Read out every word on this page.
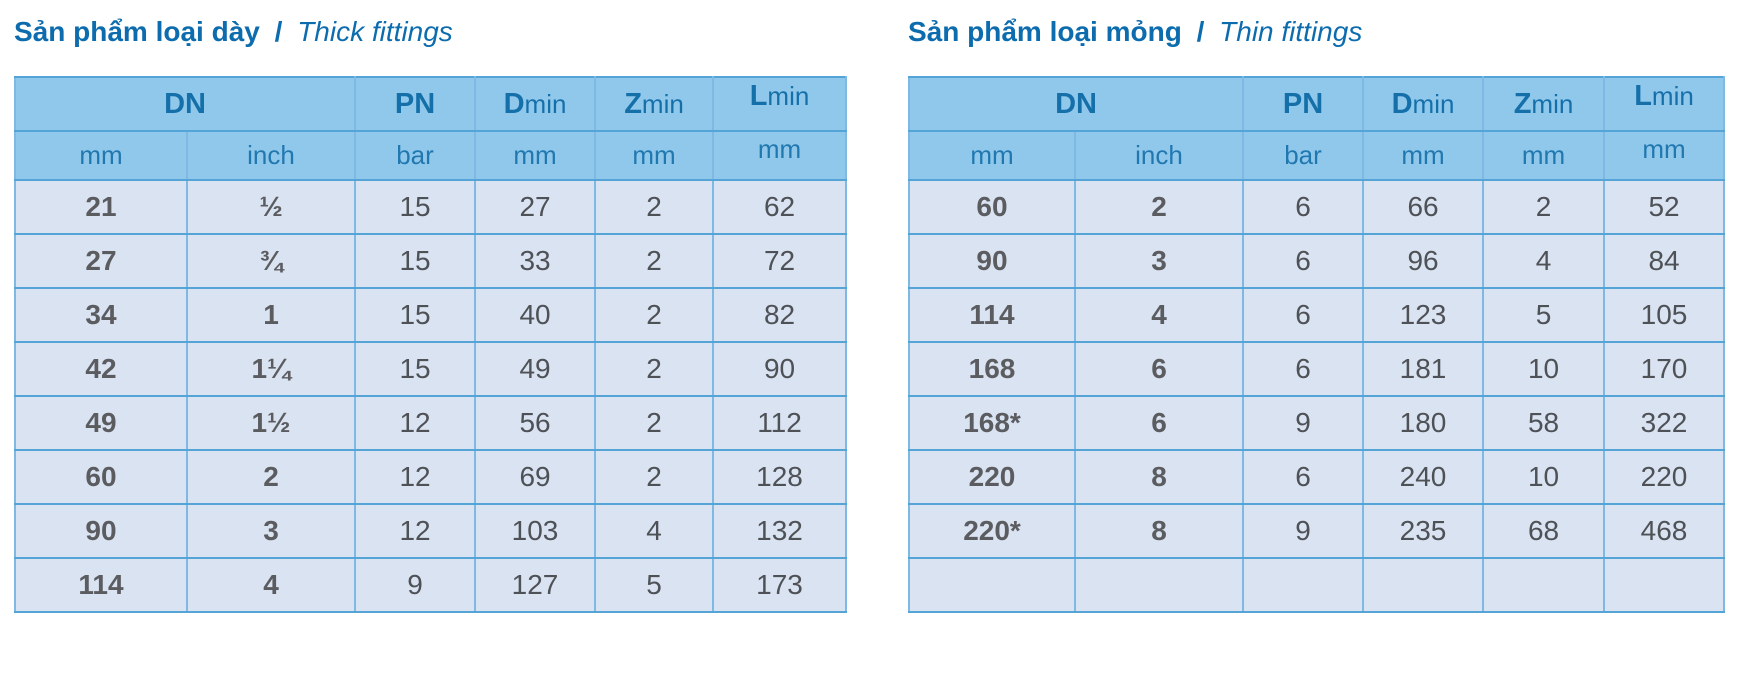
Sản phẩm loại dày / Thick fittings
DN		PN	Dmin	Zmin	Lmin
mm	inch	bar	mm	mm	mm
21	½	15	27	2	62
27	¾	15	33	2	72
34	1	15	40	2	82
42	1¼	15	49	2	90
49	1½	12	56	2	112
60	2	12	69	2	128
90	3	12	103	4	132
114	4	9	127	5	173
Sản phẩm loại mỏng / Thin fittings
DN		PN	Dmin	Zmin	Lmin
mm	inch	bar	mm	mm	mm
60	2	6	66	2	52
90	3	6	96	4	84
114	4	6	123	5	105
168	6	6	181	10	170
168*	6	9	180	58	322
220	8	6	240	10	220
220*	8	9	235	68	468
